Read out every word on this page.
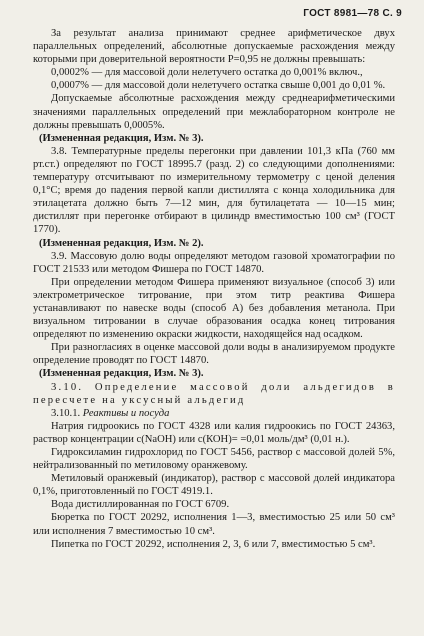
ГОСТ 8981—78 С. 9

За результат анализа принимают среднее арифметическое двух параллельных определений, абсолютные допускаемые расхождения между которыми при доверительной вероятности Р=0,95 не должны превышать:

0,0002% — для массовой доли нелетучего остатка до 0,001% включ.,

0,0007% — для массовой доли нелетучего остатка свыше 0,001 до 0,01 %.

Допускаемые абсолютные расхождения между среднеарифметическими значениями параллельных определений при межлабораторном контроле не должны превышать 0,0005%.

(Измененная редакция, Изм. № 3).

3.8. Температурные пределы перегонки при давлении 101,3 кПа (760 мм рт.ст.) определяют по ГОСТ 18995.7 (разд. 2) со следующими дополнениями: температуру отсчитывают по измерительному термометру с ценой деления 0,1°С; время до падения первой капли дистиллята с конца холодильника для этилацетата должно быть 7—12 мин, для бутилацетата — 10—15 мин; дистиллят при перегонке отбирают в цилиндр вместимостью 100 см³ (ГОСТ 1770).

(Измененная редакция, Изм. № 2).

3.9. Массовую долю воды определяют методом газовой хроматографии по ГОСТ 21533 или методом Фишера по ГОСТ 14870.

При определении методом Фишера применяют визуальное (способ 3) или электрометрическое титрование, при этом титр реактива Фишера устанавливают по навеске воды (способ А) без добавления метанола. При визуальном титровании в случае образования осадка конец титрования определяют по изменению окраски жидкости, находящейся над осадком.

При разногласиях в оценке массовой доли воды в анализируемом продукте определение проводят по ГОСТ 14870.

(Измененная редакция, Изм. № 3).

3.10. Определение массовой доли альдегидов в пересчете на уксусный альдегид

3.10.1. Реактивы и посуда

Натрия гидроокись по ГОСТ 4328 или калия гидроокись по ГОСТ 24363, раствор концентрации с(NaOH) или с(КОН)= =0,01 моль/дм³ (0,01 н.).

Гидроксиламин гидрохлорид по ГОСТ 5456, раствор с массовой долей 5%, нейтрализованный по метиловому оранжевому.

Метиловый оранжевый (индикатор), раствор с массовой долей индикатора 0,1%, приготовленный по ГОСТ 4919.1.

Вода дистиллированная по ГОСТ 6709.

Бюретка по ГОСТ 20292, исполнения 1—3, вместимостью 25 или 50 см³ или исполнения 7 вместимостью 10 см³.

Пипетка по ГОСТ 20292, исполнения 2, 3, 6 или 7, вместимостью 5 см³.
